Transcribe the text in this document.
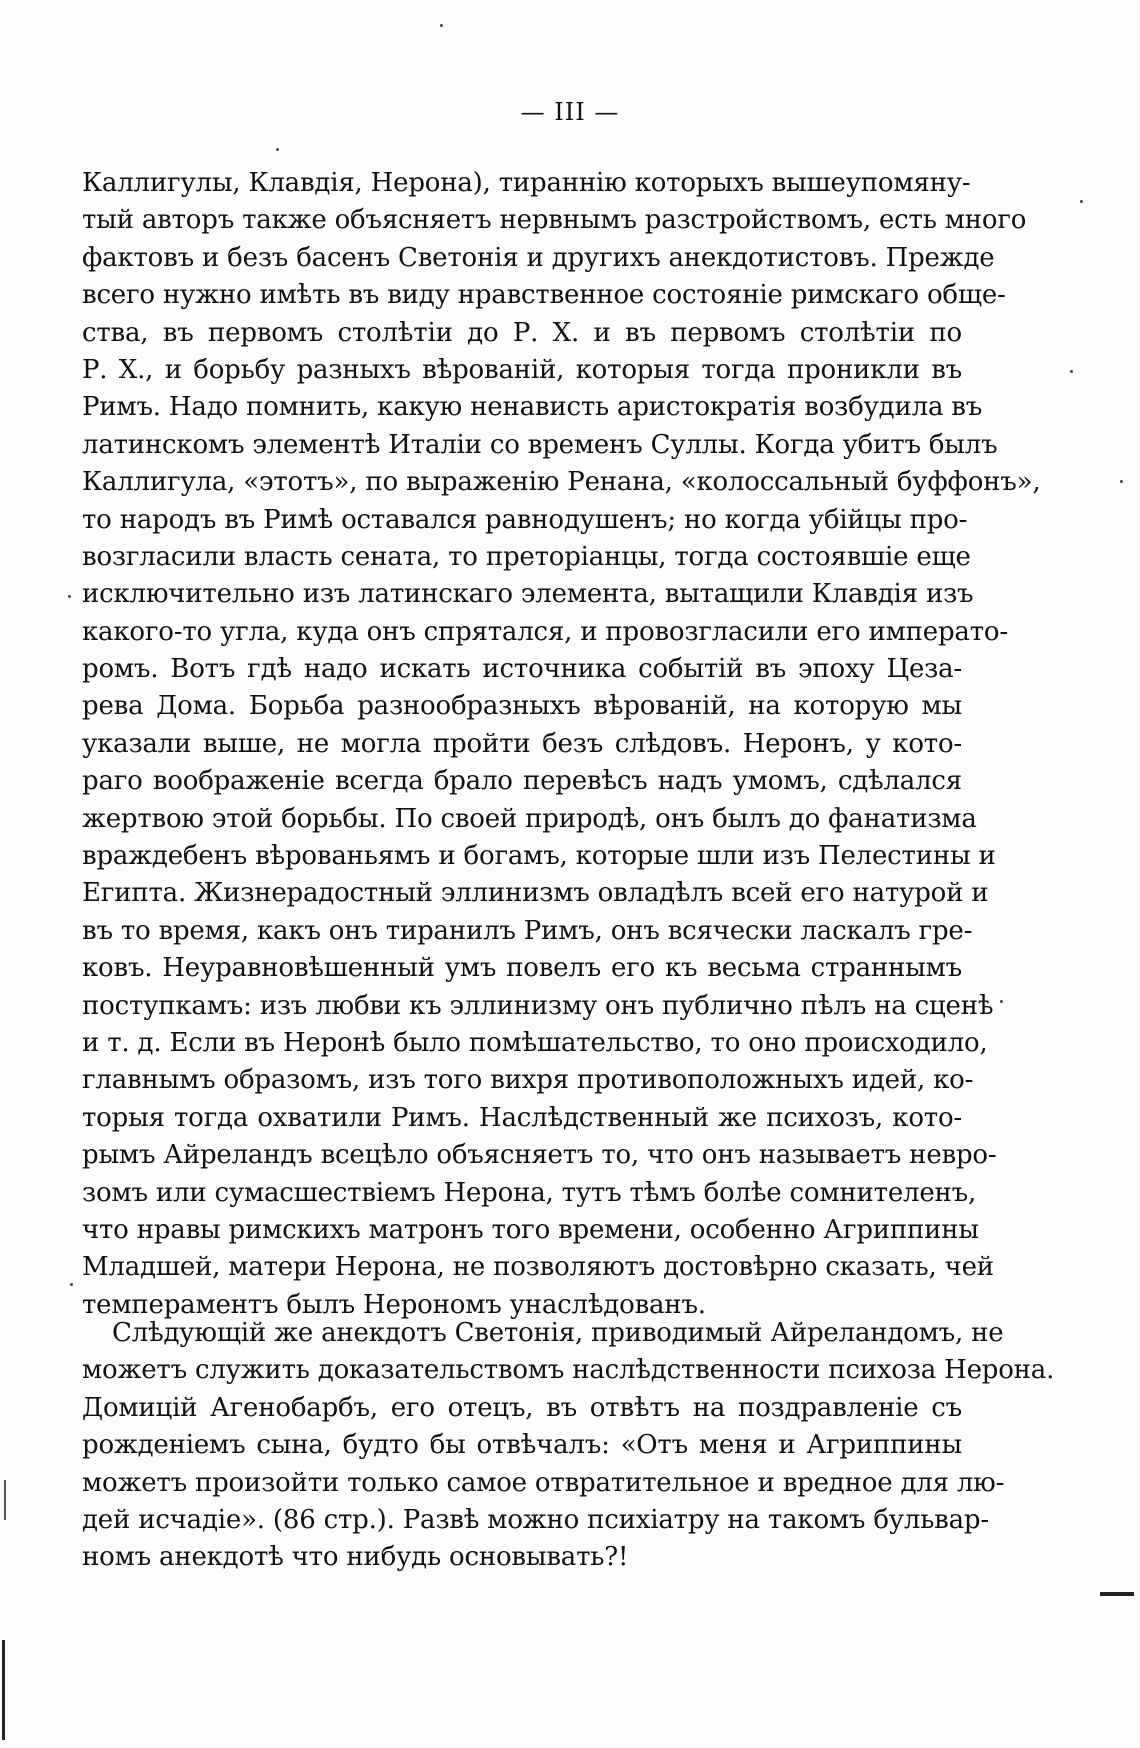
— III —
Каллигулы, Клавдія, Нерона), тираннію которыхъ вышеупомяну-
тый авторъ также объясняетъ нервнымъ разстройствомъ, есть много
фактовъ и безъ басенъ Светонія и другихъ анекдотистовъ. Прежде
всего нужно имѣть въ виду нравственное состояніе римскаго обще-
ства, въ первомъ столѣтіи до Р. Х. и въ первомъ столѣтіи по
Р. Х., и борьбу разныхъ вѣрованій, которыя тогда проникли въ
Римъ. Надо помнить, какую ненависть аристократія возбудила въ
латинскомъ элементѣ Италіи со временъ Суллы. Когда убитъ былъ
Каллигула, «этотъ», по выраженію Ренана, «колоссальный буффонъ»,
то народъ въ Римѣ оставался равнодушенъ; но когда убійцы про-
возгласили власть сената, то преторіанцы, тогда состоявшіе еще
исключительно изъ латинскаго элемента, вытащили Клавдія изъ
какого-то угла, куда онъ спрятался, и провозгласили его императо-
ромъ. Вотъ гдѣ надо искать источника событій въ эпоху Цеза-
рева Дома. Борьба разнообразныхъ вѣрованій, на которую мы
указали выше, не могла пройти безъ слѣдовъ. Неронъ, у кото-
раго воображеніе всегда брало перевѣсъ надъ умомъ, сдѣлался
жертвою этой борьбы. По своей природѣ, онъ былъ до фанатизма
враждебенъ вѣрованьямъ и богамъ, которые шли изъ Пелестины и
Египта. Жизнерадостный эллинизмъ овладѣлъ всей его натурой и
въ то время, какъ онъ тиранилъ Римъ, онъ всячески ласкалъ гре-
ковъ. Неуравновѣшенный умъ повелъ его къ весьма страннымъ
поступкамъ: изъ любви къ эллинизму онъ публично пѣлъ на сценѣ
и т. д. Если въ Неронѣ было помѣшательство, то оно происходило,
главнымъ образомъ, изъ того вихря противоположныхъ идей, ко-
торыя тогда охватили Римъ. Наслѣдственный же психозъ, кото-
рымъ Айреландъ всецѣло объясняетъ то, что онъ называетъ невро-
зомъ или сумасшествіемъ Нерона, тутъ тѣмъ болѣе сомнителенъ,
что нравы римскихъ матронъ того времени, особенно Агриппины
Младшей, матери Нерона, не позволяютъ достовѣрно сказать, чей
темпераментъ былъ Нерономъ унаслѣдованъ.
Слѣдующій же анекдотъ Светонія, приводимый Айреландомъ, не
можетъ служить доказательствомъ наслѣдственности психоза Нерона.
Домицій Агенобарбъ, его отецъ, въ отвѣтъ на поздравленіе съ
рожденіемъ сына, будто бы отвѣчалъ: «Отъ меня и Агриппины
можетъ произойти только самое отвратительное и вредное для лю-
дей исчадіе». (86 стр.). Развѣ можно психіатру на такомъ бульвар-
номъ анекдотѣ что нибудь основывать?!
